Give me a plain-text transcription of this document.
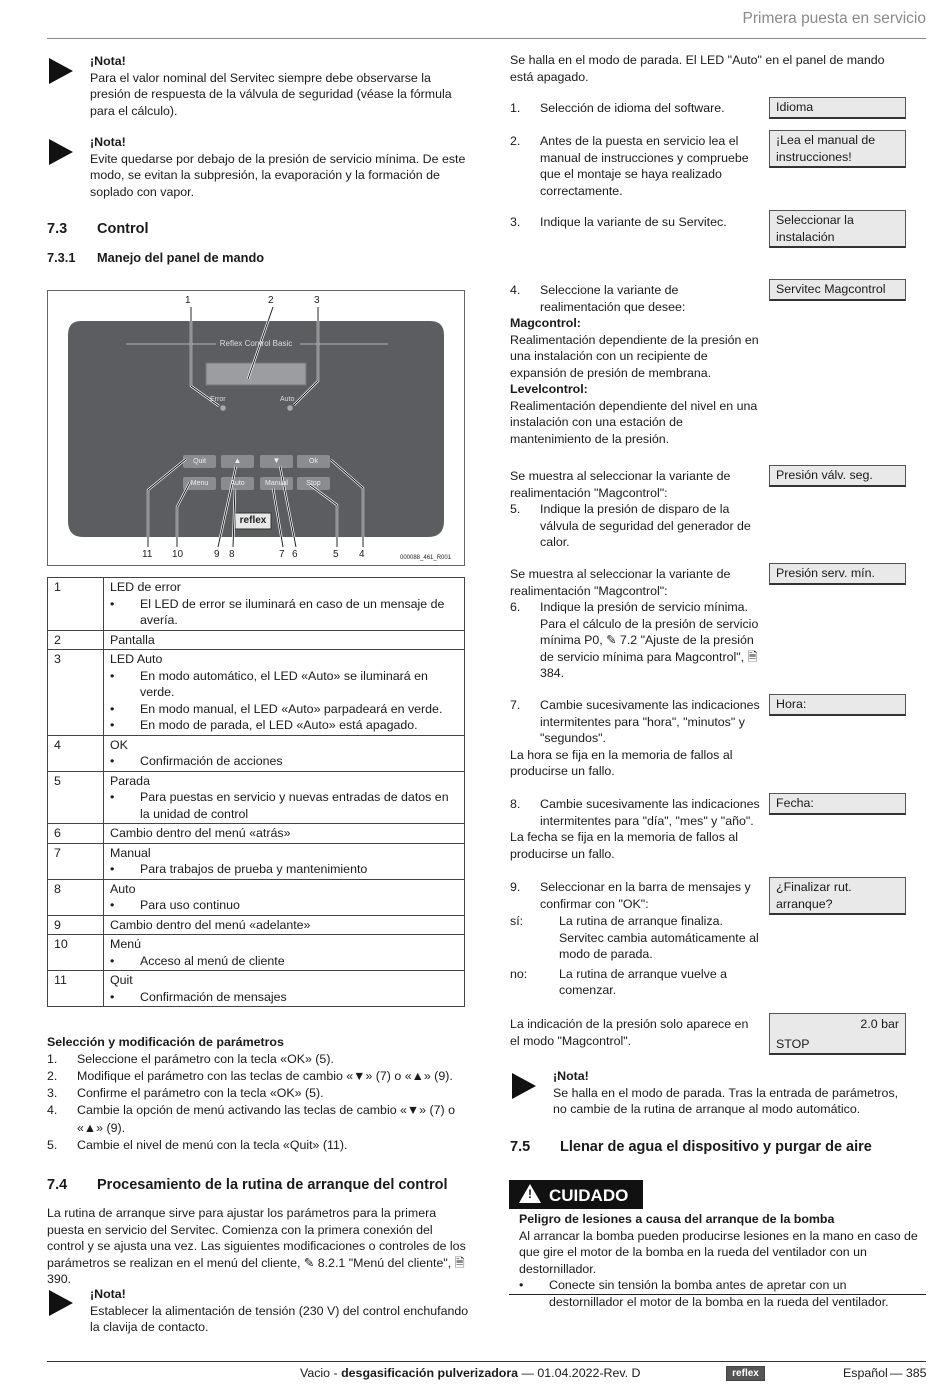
Primera puesta en servicio
¡Nota!
Para el valor nominal del Servitec siempre debe observarse la presión de respuesta de la válvula de seguridad (véase la fórmula para el cálculo).
¡Nota!
Evite quedarse por debajo de la presión de servicio mínima. De este modo, se evitan la subpresión, la evaporación y la formación de soplado con vapor.
7.3 Control
7.3.1 Manejo del panel de mando
Reflex Control Basic
Error	Auto
Quit	▲	▼	Ok
Menu	Auto	Manual	Stop
reflex
1	2	3
11 10	9 8	7 6	5 4	000088_461_R001
1	LED de error
• El LED de error se iluminará en caso de un mensaje de avería.

2	Pantalla

3	LED Auto
• En modo automático, el LED «Auto» se iluminará en verde.
• En modo manual, el LED «Auto» parpadeará en verde.
• En modo de parada, el LED «Auto» está apagado.

4	OK
• Confirmación de acciones

5	Parada
• Para puestas en servicio y nuevas entradas de datos en la unidad de control

6	Cambio dentro del menú «atrás»

7	Manual
• Para trabajos de prueba y mantenimiento

8	Auto
• Para uso continuo

9	Cambio dentro del menú «adelante»

10	Menú
• Acceso al menú de cliente

11	Quit
• Confirmación de mensajes
Selección y modificación de parámetros
1. Seleccione el parámetro con la tecla «OK» (5).
2. Modifique el parámetro con las teclas de cambio «▼» (7) o «▲» (9).
3. Confirme el parámetro con la tecla «OK» (5).
4. Cambie la opción de menú activando las teclas de cambio «▼» (7) o «▲» (9).
5. Cambie el nivel de menú con la tecla «Quit» (11).
7.4 Procesamiento de la rutina de arranque del control
La rutina de arranque sirve para ajustar los parámetros para la primera puesta en servicio del Servitec. Comienza con la primera conexión del control y se ajusta una vez. Las siguientes modificaciones o controles de los parámetros se realizan en el menú del cliente, ✎ 8.2.1 "Menú del cliente", 🗎 390.
¡Nota!
Establecer la alimentación de tensión (230 V) del control enchufando la clavija de contacto.
Se halla en el modo de parada. El LED "Auto" en el panel de mando está apagado.
1. Selección de idioma del software.	Idioma
2. Antes de la puesta en servicio lea el manual de instrucciones y compruebe que el montaje se haya realizado correctamente.
¡Lea el manual de instrucciones!
3. Indique la variante de su Servitec.	Seleccionar la instalación
4. Seleccione la variante de realimentación que desee:
Magcontrol:
Realimentación dependiente de la presión en una instalación con un recipiente de expansión de presión de membrana.
Levelcontrol:
Realimentación dependiente del nivel en una instalación con una estación de mantenimiento de la presión.
Servitec Magcontrol
Se muestra al seleccionar la variante de realimentación "Magcontrol":
5. Indique la presión de disparo de la válvula de seguridad del generador de calor.
Presión válv. seg.
Se muestra al seleccionar la variante de realimentación "Magcontrol":
6. Indique la presión de servicio mínima. Para el cálculo de la presión de servicio mínima P0, ✎ 7.2 "Ajuste de la presión de servicio mínima para Magcontrol", 🗎 384.
Presión serv. mín.
7. Cambie sucesivamente las indicaciones intermitentes para "hora", "minutos" y "segundos".
La hora se fija en la memoria de fallos al producirse un fallo.
Hora:
8. Cambie sucesivamente las indicaciones intermitentes para "día", "mes" y "año".
La fecha se fija en la memoria de fallos al producirse un fallo.
Fecha:
9. Seleccionar en la barra de mensajes y confirmar con "OK":
sí:	La rutina de arranque finaliza. Servitec cambia automáticamente al modo de parada.
no:	La rutina de arranque vuelve a comenzar.
¿Finalizar rut. arranque?
La indicación de la presión solo aparece en el modo "Magcontrol".
2.0 bar
STOP
¡Nota!
Se halla en el modo de parada. Tras la entrada de parámetros, no cambie de la rutina de arranque al modo automático.
7.5 Llenar de agua el dispositivo y purgar de aire
!CUIDADO
Peligro de lesiones a causa del arranque de la bomba
Al arrancar la bomba pueden producirse lesiones en la mano en caso de que gire el motor de la bomba en la rueda del ventilador con un destornillador.
• Conecte sin tensión la bomba antes de apretar con un destornillador el motor de la bomba en la rueda del ventilador.
Vacio - desgasificación pulverizadora — 01.04.2022-Rev. D	reflex	Español — 385
